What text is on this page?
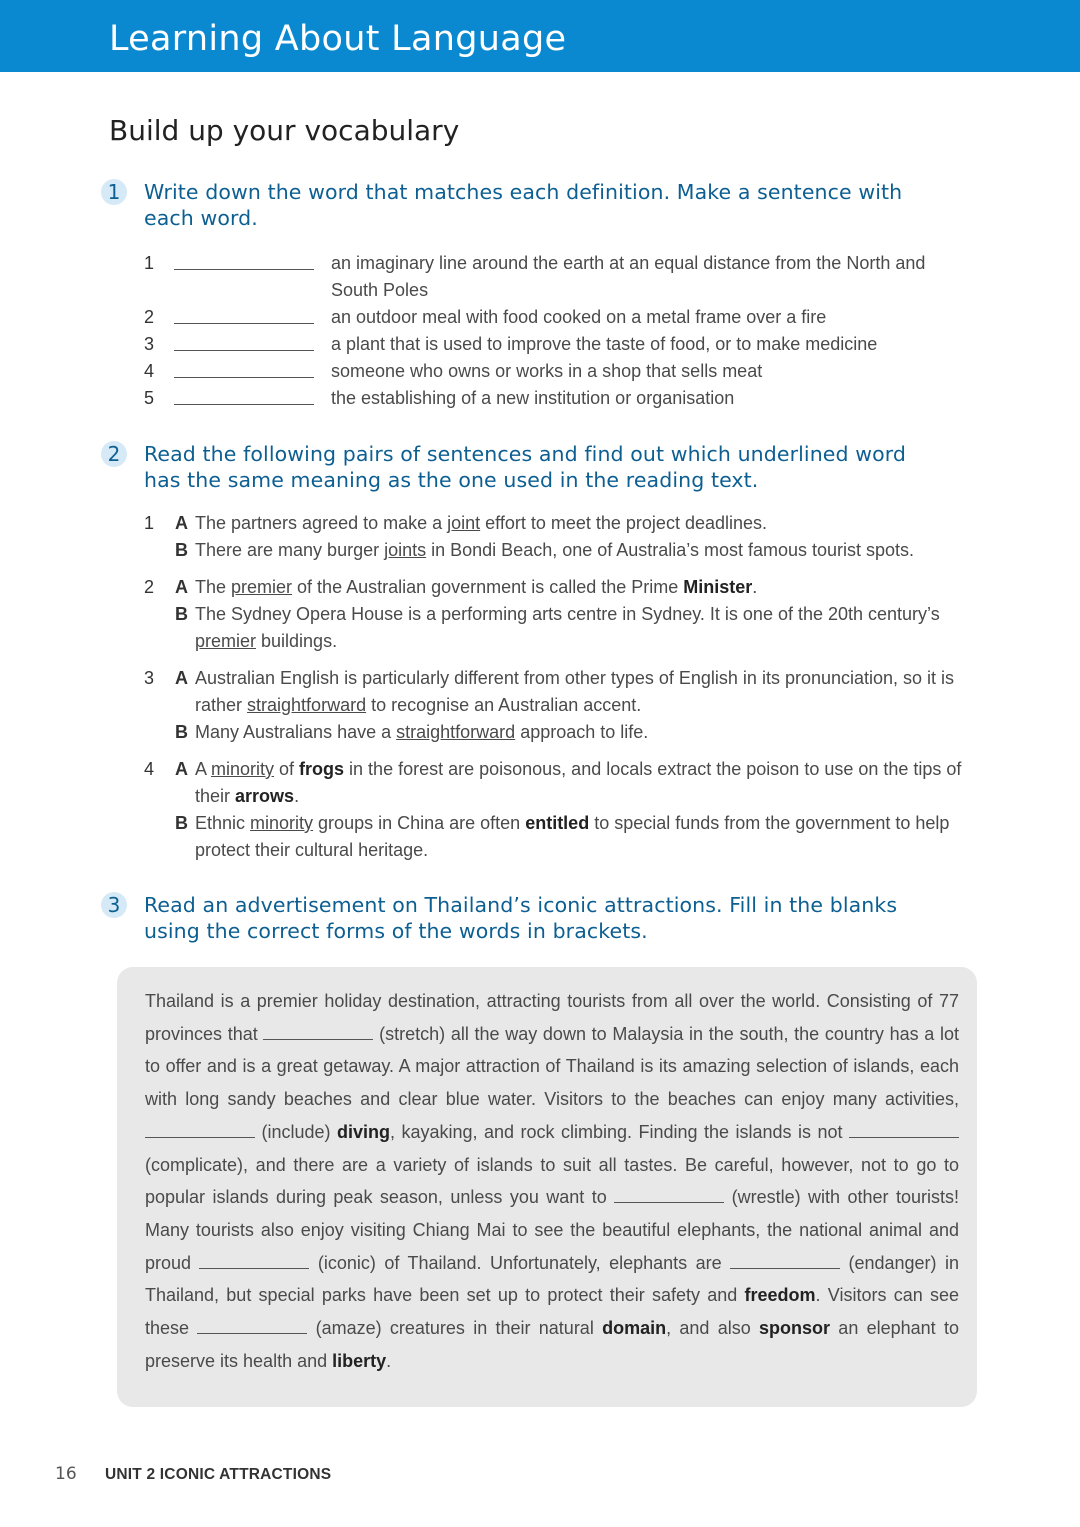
Learning About Language
Build up your vocabulary
1	Write down the word that matches each definition. Make a sentence with each word.
1	an imaginary line around the earth at an equal distance from the North and South Poles
2	an outdoor meal with food cooked on a metal frame over a fire
3	a plant that is used to improve the taste of food, or to make medicine
4	someone who owns or works in a shop that sells meat
5	the establishing of a new institution or organisation
2	Read the following pairs of sentences and find out which underlined word has the same meaning as the one used in the reading text.
1	A The partners agreed to make a joint effort to meet the project deadlines.
B There are many burger joints in Bondi Beach, one of Australia’s most famous tourist spots.
2	A The premier of the Australian government is called the Prime Minister.
B The Sydney Opera House is a performing arts centre in Sydney. It is one of the 20th century’s premier buildings.
3	A Australian English is particularly different from other types of English in its pronunciation, so it is rather straightforward to recognise an Australian accent.
B Many Australians have a straightforward approach to life.
4	A A minority of frogs in the forest are poisonous, and locals extract the poison to use on the tips of their arrows.
B Ethnic minority groups in China are often entitled to special funds from the government to help protect their cultural heritage.
3	Read an advertisement on Thailand’s iconic attractions. Fill in the blanks using the correct forms of the words in brackets.

Thailand is a premier holiday destination, attracting tourists from all over the world. Consisting of 77 provinces that	(stretch) all the way down to Malaysia in the south, the country has a lot to offer and is a great getaway. A major attraction of Thailand is its amazing selection of islands, each with long sandy beaches and clear blue water. Visitors to the beaches can enjoy many activities,  (include) diving, kayaking, and rock climbing. Finding the islands is not  (complicate), and there are a variety of islands to suit all tastes. Be careful, however, not to go to popular islands during peak season, unless you want to	(wrestle) with other tourists! Many tourists also enjoy visiting Chiang Mai to see the beautiful elephants, the national animal and proud	(iconic) of Thailand. Unfortunately, elephants are	(endanger) in Thailand, but special parks have been set up to protect their safety and freedom. Visitors can see these	(amaze) creatures in their natural domain, and also sponsor an elephant to preserve its health and liberty.

16	UNIT 2 ICONIC ATTRACTIONS
